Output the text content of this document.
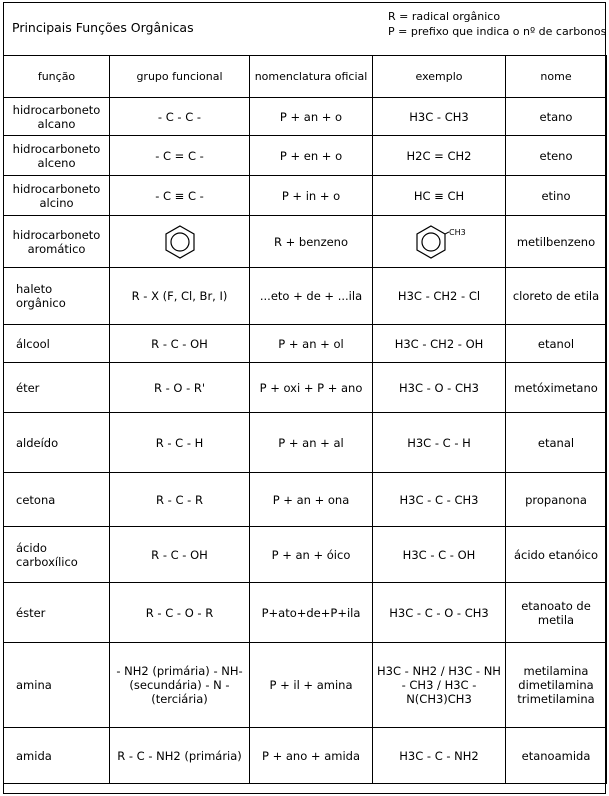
Principais Funções Orgânicas
R = radical orgânico
P = prefixo que indica o nº de carbonos
função	grupo funcional	nomenclatura oficial	exemplo	nome
hidrocarboneto alcano	- C - C -	P + an + o	H3C - CH3	etano
hidrocarboneto alceno	- C = C -	P + en + o	H2C = CH2	eteno
hidrocarboneto alcino	- C ≡ C -	P + in + o	HC ≡ CH	etino
hidrocarboneto aromático		R + benzeno	CH3	metilbenzeno
haleto orgânico	R - X (F, Cl, Br, I)	...eto + de + ...ila	H3C - CH2 - Cl	cloreto de etila
álcool	R - C - OH	P + an + ol	H3C - CH2 - OH	etanol
éter	R - O - R'	P + oxi + P + ano	H3C - O - CH3	metóximetano
aldeído	R - C - H	P + an + al	H3C - C - H	etanal
cetona	R - C - R	P + an + ona	H3C - C - CH3	propanona
ácido carboxílico	R - C - OH	P + an + óico	H3C - C - OH	ácido etanóico
éster	R - C - O - R	P+ato+de+P+ila	H3C - C - O - CH3	etanoato de metila
amina	- NH2 (primária) - NH- (secundária) - N - (terciária)	P + il + amina	H3C - NH2 / H3C - NH - CH3 / H3C - N(CH3)CH3	metilamina dimetilamina trimetilamina
amida	R - C - NH2 (primária)	P + ano + amida	H3C - C - NH2	etanoamida
